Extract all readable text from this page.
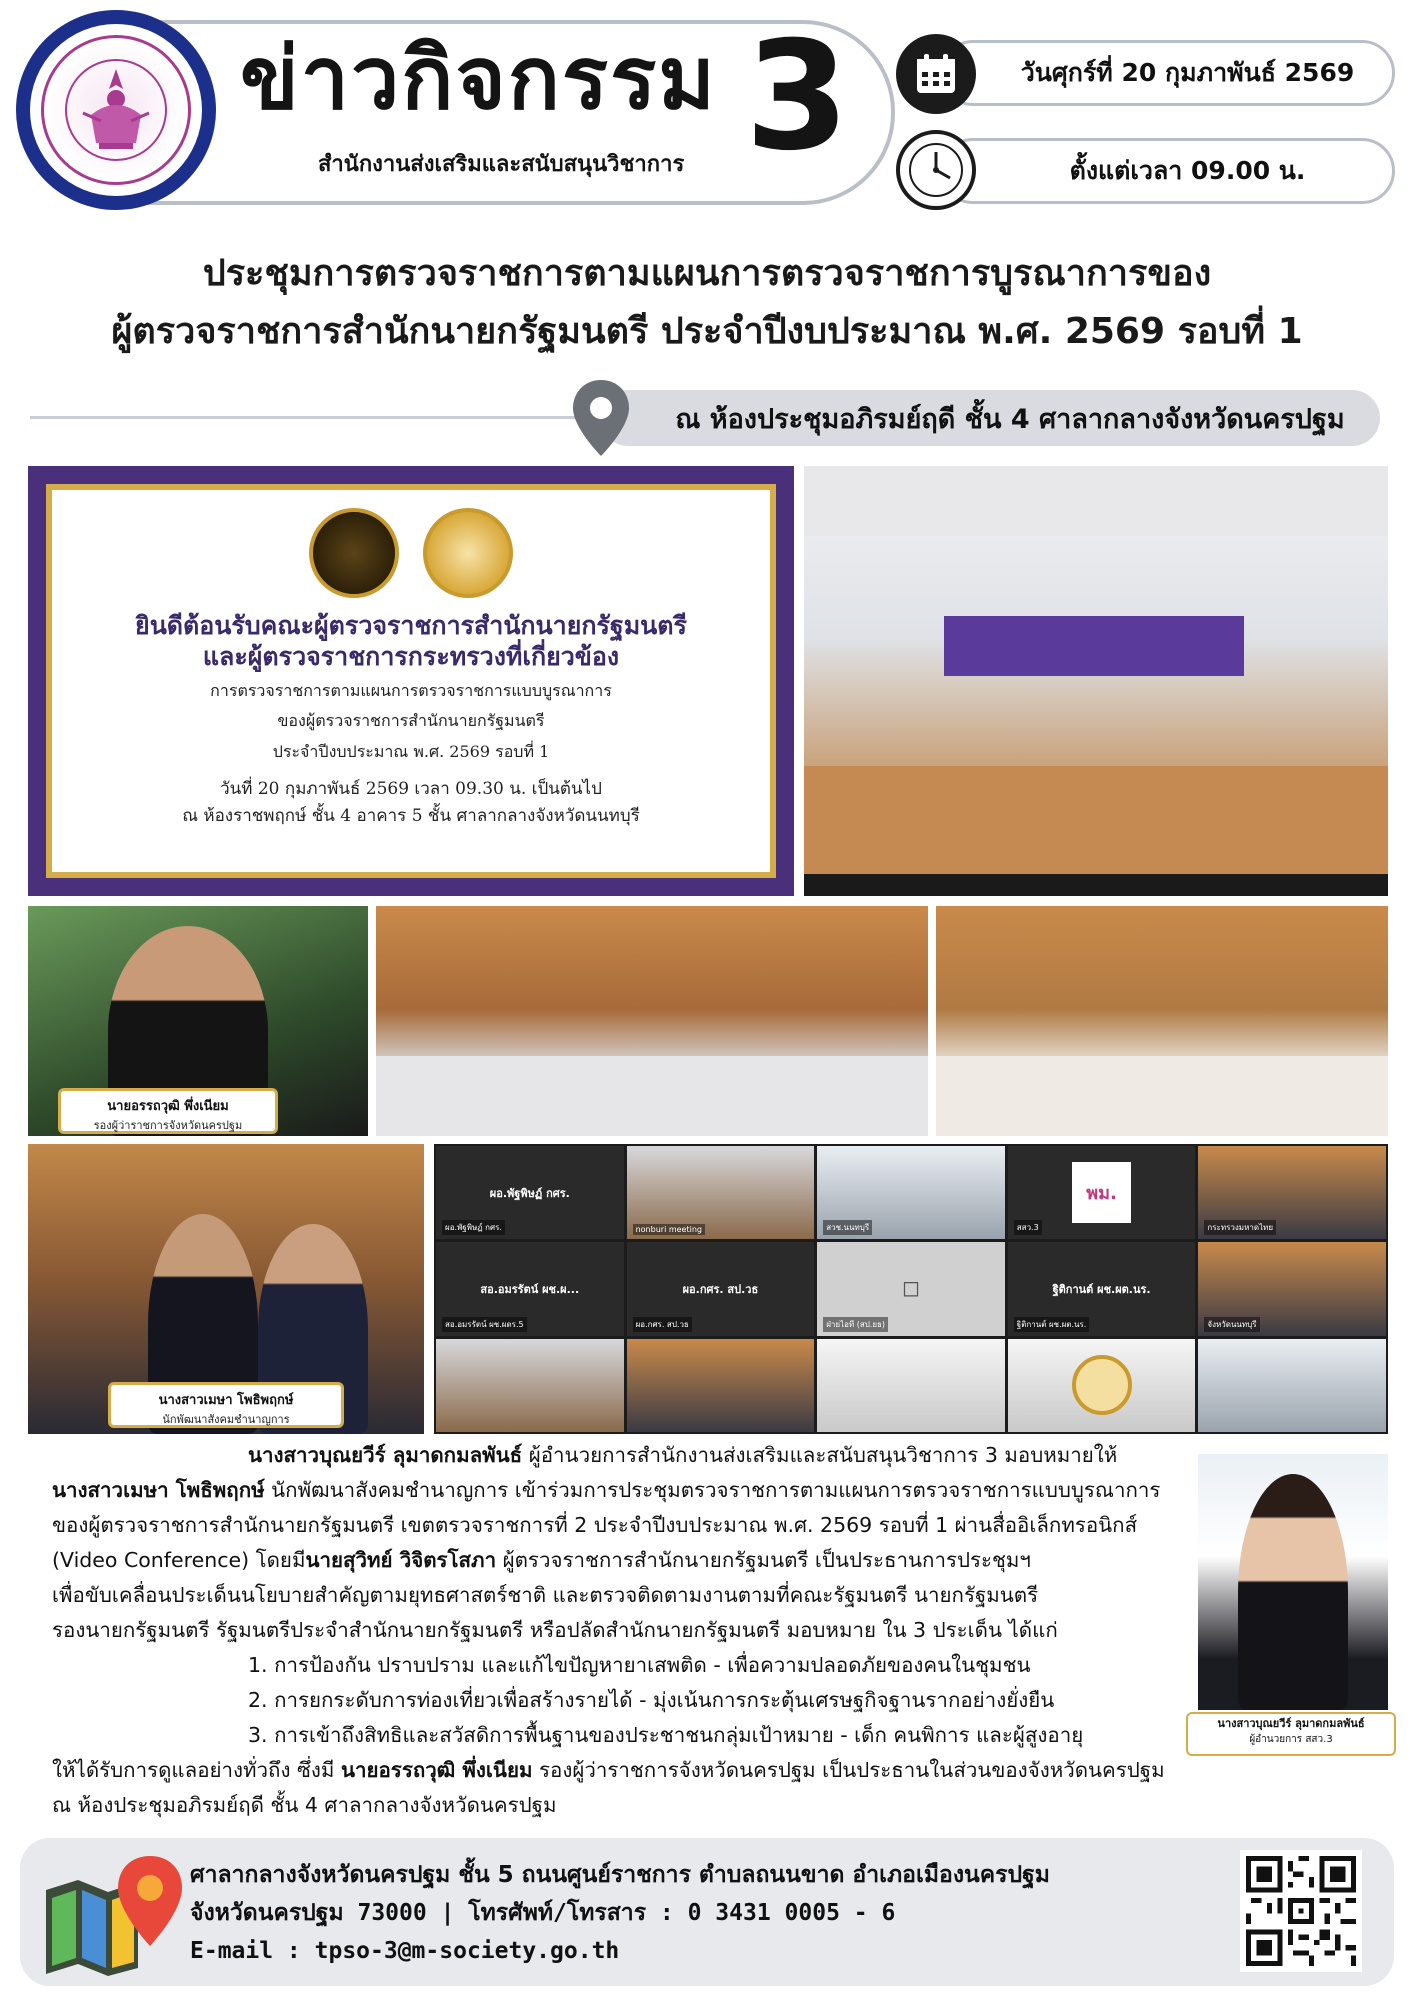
ข่าวกิจกรรม 3
สำนักงานส่งเสริมและสนับสนุนวิชาการ
วันศุกร์ที่ 20 กุมภาพันธ์ 2569
ตั้งแต่เวลา 09.00 น.
ประชุมการตรวจราชการตามแผนการตรวจราชการบูรณาการของ
ผู้ตรวจราชการสำนักนายกรัฐมนตรี ประจำปีงบประมาณ พ.ศ. 2569 รอบที่ 1
ณ ห้องประชุมอภิรมย์ฤดี ชั้น 4 ศาลากลางจังหวัดนครปฐม
ยินดีต้อนรับคณะผู้ตรวจราชการสำนักนายกรัฐมนตรี
และผู้ตรวจราชการกระทรวงที่เกี่ยวข้อง
การตรวจราชการตามแผนการตรวจราชการแบบบูรณาการ
ของผู้ตรวจราชการสำนักนายกรัฐมนตรี
ประจำปีงบประมาณ พ.ศ. 2569 รอบที่ 1
วันที่ 20 กุมภาพันธ์ 2569 เวลา 09.30 น. เป็นต้นไป
ณ ห้องราชพฤกษ์ ชั้น 4 อาคาร 5 ชั้น ศาลากลางจังหวัดนนทบุรี
นายอรรถวุฒิ พึ่งเนียม
รองผู้ว่าราชการจังหวัดนครปฐม
นางสาวเมษา โพธิพฤกษ์
นักพัฒนาสังคมชำนาญการ
ผอ.พัฐพิษฏ์ กศร.
ผอ.พัฐพิษฏ์ กศร.	nonburi meeting	สวช.นนทบุรี
พม.
สสว.3	กระทรวงมหาดไทย
สอ.อมรรัตน์ ผช.ผ...
สอ.อมรรัตน์ ผช.ผดร.5
ผอ.กศร. สป.วธ
ผอ.กศร. สป.วธ
◻
ฝ่ายไอที (สป.ยธ)
ฐิติกานต์ ผช.ผต.นร.
ฐิติกานต์ ผช.ผต.นร.	จังหวัดนนทบุรี
นางสาวบุณยวีร์ ลุมาดกมลพันธ์ ผู้อำนวยการสำนักงานส่งเสริมและสนับสนุนวิชาการ 3 มอบหมายให้
นางสาวเมษา โพธิพฤกษ์ นักพัฒนาสังคมชำนาญการ เข้าร่วมการประชุมตรวจราชการตามแผนการตรวจราชการแบบบูรณาการ
ของผู้ตรวจราชการสำนักนายกรัฐมนตรี เขตตรวจราชการที่ 2 ประจำปีงบประมาณ พ.ศ. 2569 รอบที่ 1 ผ่านสื่ออิเล็กทรอนิกส์
(Video Conference) โดยมีนายสุวิทย์ วิจิตรโสภา ผู้ตรวจราชการสำนักนายกรัฐมนตรี เป็นประธานการประชุมฯ
เพื่อขับเคลื่อนประเด็นนโยบายสำคัญตามยุทธศาสตร์ชาติ และตรวจติดตามงานตามที่คณะรัฐมนตรี นายกรัฐมนตรี
รองนายกรัฐมนตรี รัฐมนตรีประจำสำนักนายกรัฐมนตรี หรือปลัดสำนักนายกรัฐมนตรี มอบหมาย ใน 3 ประเด็น ได้แก่
1. การป้องกัน ปราบปราม และแก้ไขปัญหายาเสพติด - เพื่อความปลอดภัยของคนในชุมชน
2. การยกระดับการท่องเที่ยวเพื่อสร้างรายได้ - มุ่งเน้นการกระตุ้นเศรษฐกิจฐานรากอย่างยั่งยืน
3. การเข้าถึงสิทธิและสวัสดิการพื้นฐานของประชาชนกลุ่มเป้าหมาย - เด็ก คนพิการ และผู้สูงอายุ
ให้ได้รับการดูแลอย่างทั่วถึง ซึ่งมี นายอรรถวุฒิ พึ่งเนียม รองผู้ว่าราชการจังหวัดนครปฐม เป็นประธานในส่วนของจังหวัดนครปฐม
ณ ห้องประชุมอภิรมย์ฤดี ชั้น 4 ศาลากลางจังหวัดนครปฐม
นางสาวบุณยวีร์ ลุมาดกมลพันธ์
ผู้อำนวยการ สสว.3
ศาลากลางจังหวัดนครปฐม ชั้น 5 ถนนศูนย์ราชการ ตำบลถนนขาด อำเภอเมืองนครปฐม
จังหวัดนครปฐม 73000 | โทรศัพท์/โทรสาร : 0 3431 0005 - 6
E-mail : tpso-3@m-society.go.th
